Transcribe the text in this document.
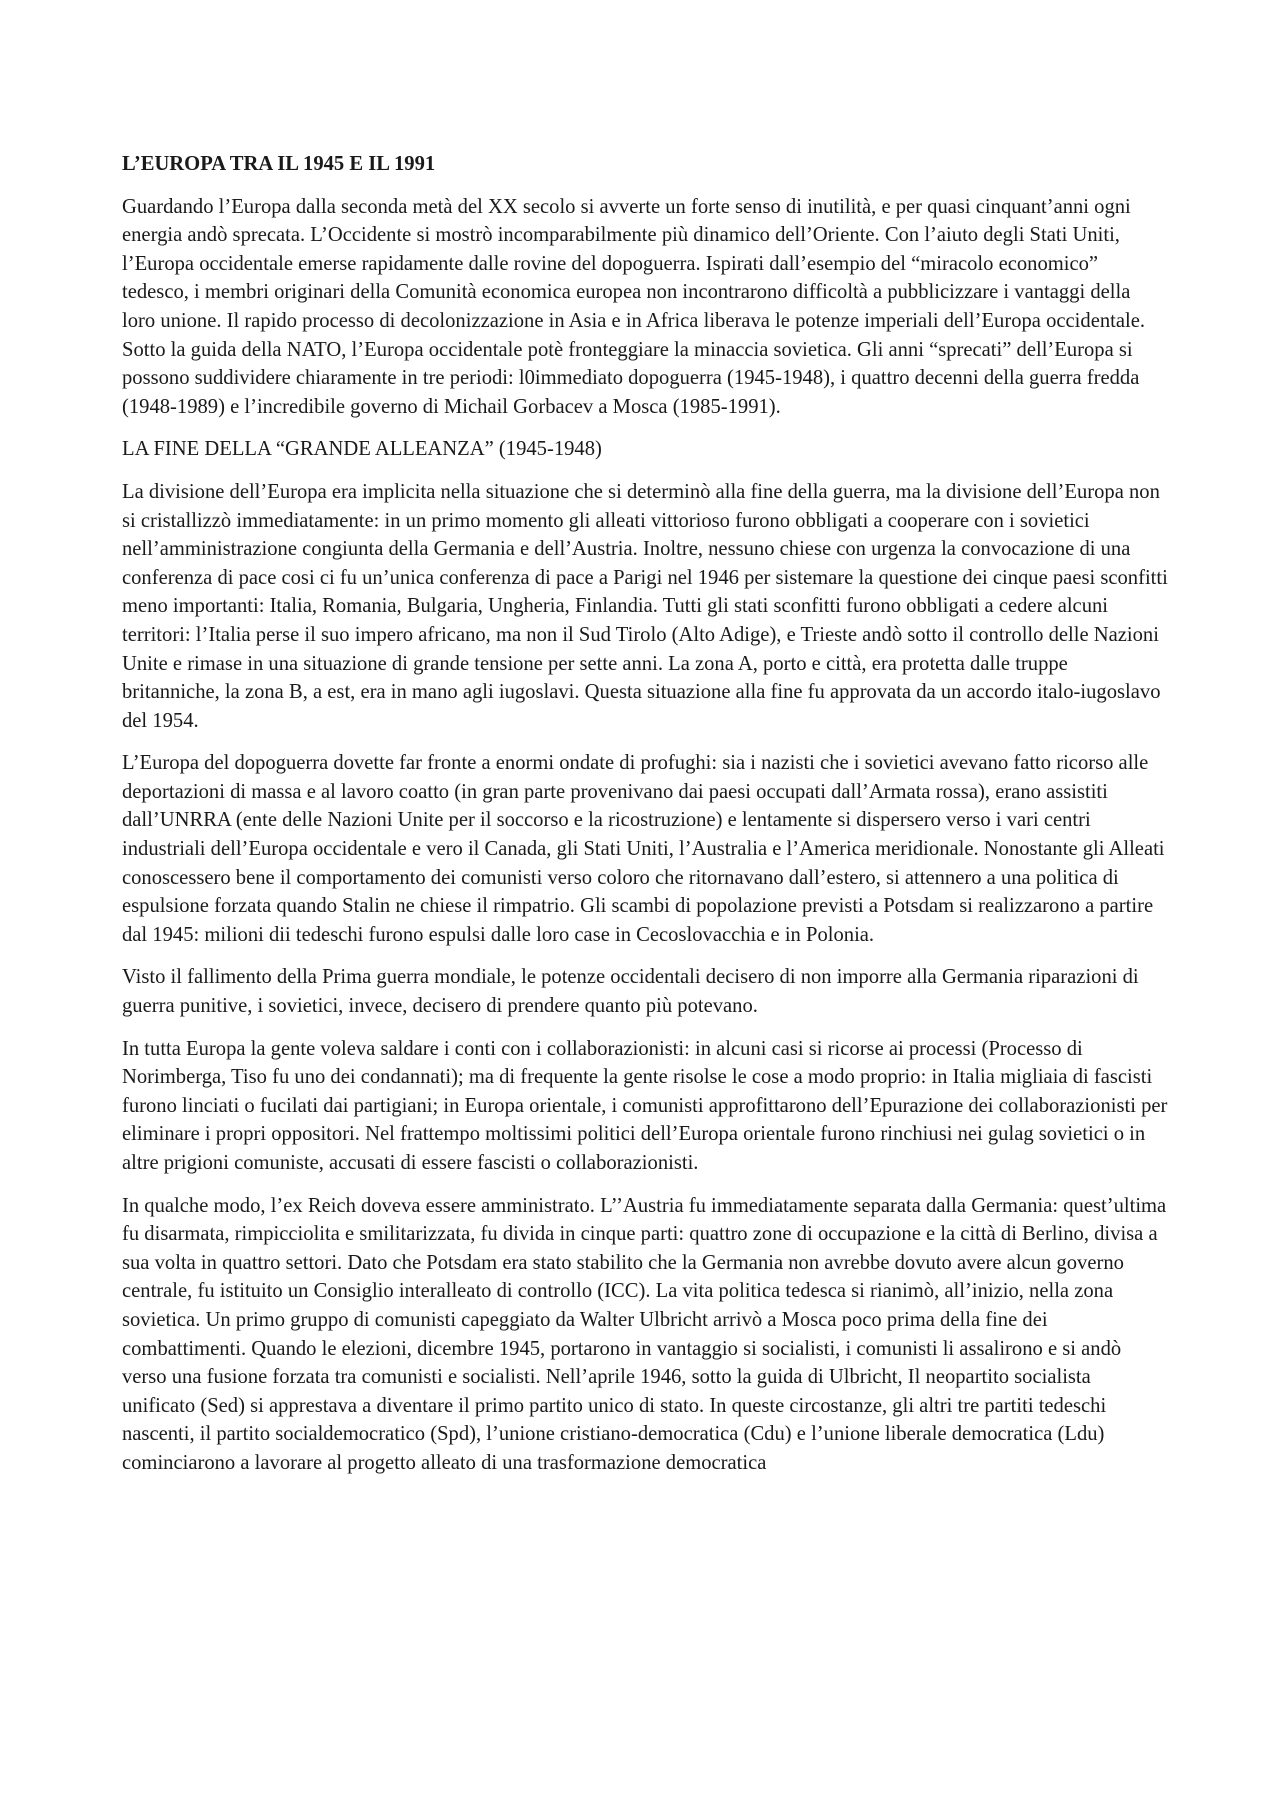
L’EUROPA TRA IL 1945 E IL 1991

Guardando l’Europa dalla seconda metà del XX secolo si avverte un forte senso di inutilità, e per quasi cinquant’anni ogni energia andò sprecata. L’Occidente si mostrò incomparabilmente più dinamico dell’Oriente. Con l’aiuto degli Stati Uniti, l’Europa occidentale emerse rapidamente dalle rovine del dopoguerra. Ispirati dall’esempio del “miracolo economico” tedesco, i membri originari della Comunità economica europea non incontrarono difficoltà a pubblicizzare i vantaggi della loro unione. Il rapido processo di decolonizzazione in Asia e in Africa liberava le potenze imperiali dell’Europa occidentale. Sotto la guida della NATO, l’Europa occidentale potè fronteggiare la minaccia sovietica. Gli anni “sprecati” dell’Europa si possono suddividere chiaramente in tre periodi: l0immediato dopoguerra (1945-1948), i quattro decenni della guerra fredda (1948-1989) e l’incredibile governo di Michail Gorbacev a Mosca (1985-1991).

LA FINE DELLA “GRANDE ALLEANZA” (1945-1948)

La divisione dell’Europa era implicita nella situazione che si determinò alla fine della guerra, ma la divisione dell’Europa non si cristallizzò immediatamente: in un primo momento gli alleati vittorioso furono obbligati a cooperare con i sovietici nell’amministrazione congiunta della Germania e dell’Austria. Inoltre, nessuno chiese con urgenza la convocazione di una conferenza di pace cosi ci fu un’unica conferenza di pace a Parigi nel 1946 per sistemare la questione dei cinque paesi sconfitti meno importanti: Italia, Romania, Bulgaria, Ungheria, Finlandia. Tutti gli stati sconfitti furono obbligati a cedere alcuni territori: l’Italia perse il suo impero africano, ma non il Sud Tirolo (Alto Adige), e Trieste andò sotto il controllo delle Nazioni Unite e rimase in una situazione di grande tensione per sette anni. La zona A, porto e città, era protetta dalle truppe britanniche, la zona B, a est, era in mano agli iugoslavi. Questa situazione alla fine fu approvata da un accordo italo-iugoslavo del 1954.

L’Europa del dopoguerra dovette far fronte a enormi ondate di profughi: sia i nazisti che i sovietici avevano fatto ricorso alle deportazioni di massa e al lavoro coatto (in gran parte provenivano dai paesi occupati dall’Armata rossa), erano assistiti dall’UNRRA (ente delle Nazioni Unite per il soccorso e la ricostruzione) e lentamente si dispersero verso i vari centri industriali dell’Europa occidentale e vero il Canada, gli Stati Uniti, l’Australia e l’America meridionale. Nonostante gli Alleati conoscessero bene il comportamento dei comunisti verso coloro che ritornavano dall’estero, si attennero a una politica di espulsione forzata quando Stalin ne chiese il rimpatrio. Gli scambi di popolazione previsti a Potsdam si realizzarono a partire dal 1945: milioni dii tedeschi furono espulsi dalle loro case in Cecoslovacchia e in Polonia.

Visto il fallimento della Prima guerra mondiale, le potenze occidentali decisero di non imporre alla Germania riparazioni di guerra punitive, i sovietici, invece, decisero di prendere quanto più potevano.

In tutta Europa la gente voleva saldare i conti con i collaborazionisti: in alcuni casi si ricorse ai processi (Processo di Norimberga, Tiso fu uno dei condannati); ma di frequente la gente risolse le cose a modo proprio: in Italia migliaia di fascisti furono linciati o fucilati dai partigiani; in Europa orientale, i comunisti approfittarono dell’Epurazione dei collaborazionisti per eliminare i propri oppositori. Nel frattempo moltissimi politici dell’Europa orientale furono rinchiusi nei gulag sovietici o in altre prigioni comuniste, accusati di essere fascisti o collaborazionisti.

In qualche modo, l’ex Reich doveva essere amministrato. L’’Austria fu immediatamente separata dalla Germania: quest’ultima fu disarmata, rimpicciolita e smilitarizzata, fu divida in cinque parti: quattro zone di occupazione e la città di Berlino, divisa a sua volta in quattro settori. Dato che Potsdam era stato stabilito che la Germania non avrebbe dovuto avere alcun governo centrale, fu istituito un Consiglio interalleato di controllo (ICC). La vita politica tedesca si rianimò, all’inizio, nella zona sovietica. Un primo gruppo di comunisti capeggiato da Walter Ulbricht arrivò a Mosca poco prima della fine dei combattimenti. Quando le elezioni, dicembre 1945, portarono in vantaggio si socialisti, i comunisti li assalirono e si andò verso una fusione forzata tra comunisti e socialisti. Nell’aprile 1946, sotto la guida di Ulbricht, Il neopartito socialista unificato (Sed) si apprestava a diventare il primo partito unico di stato. In queste circostanze, gli altri tre partiti tedeschi nascenti, il partito socialdemocratico (Spd), l’unione cristiano-democratica (Cdu) e l’unione liberale democratica (Ldu) cominciarono a lavorare al progetto alleato di una trasformazione democratica
